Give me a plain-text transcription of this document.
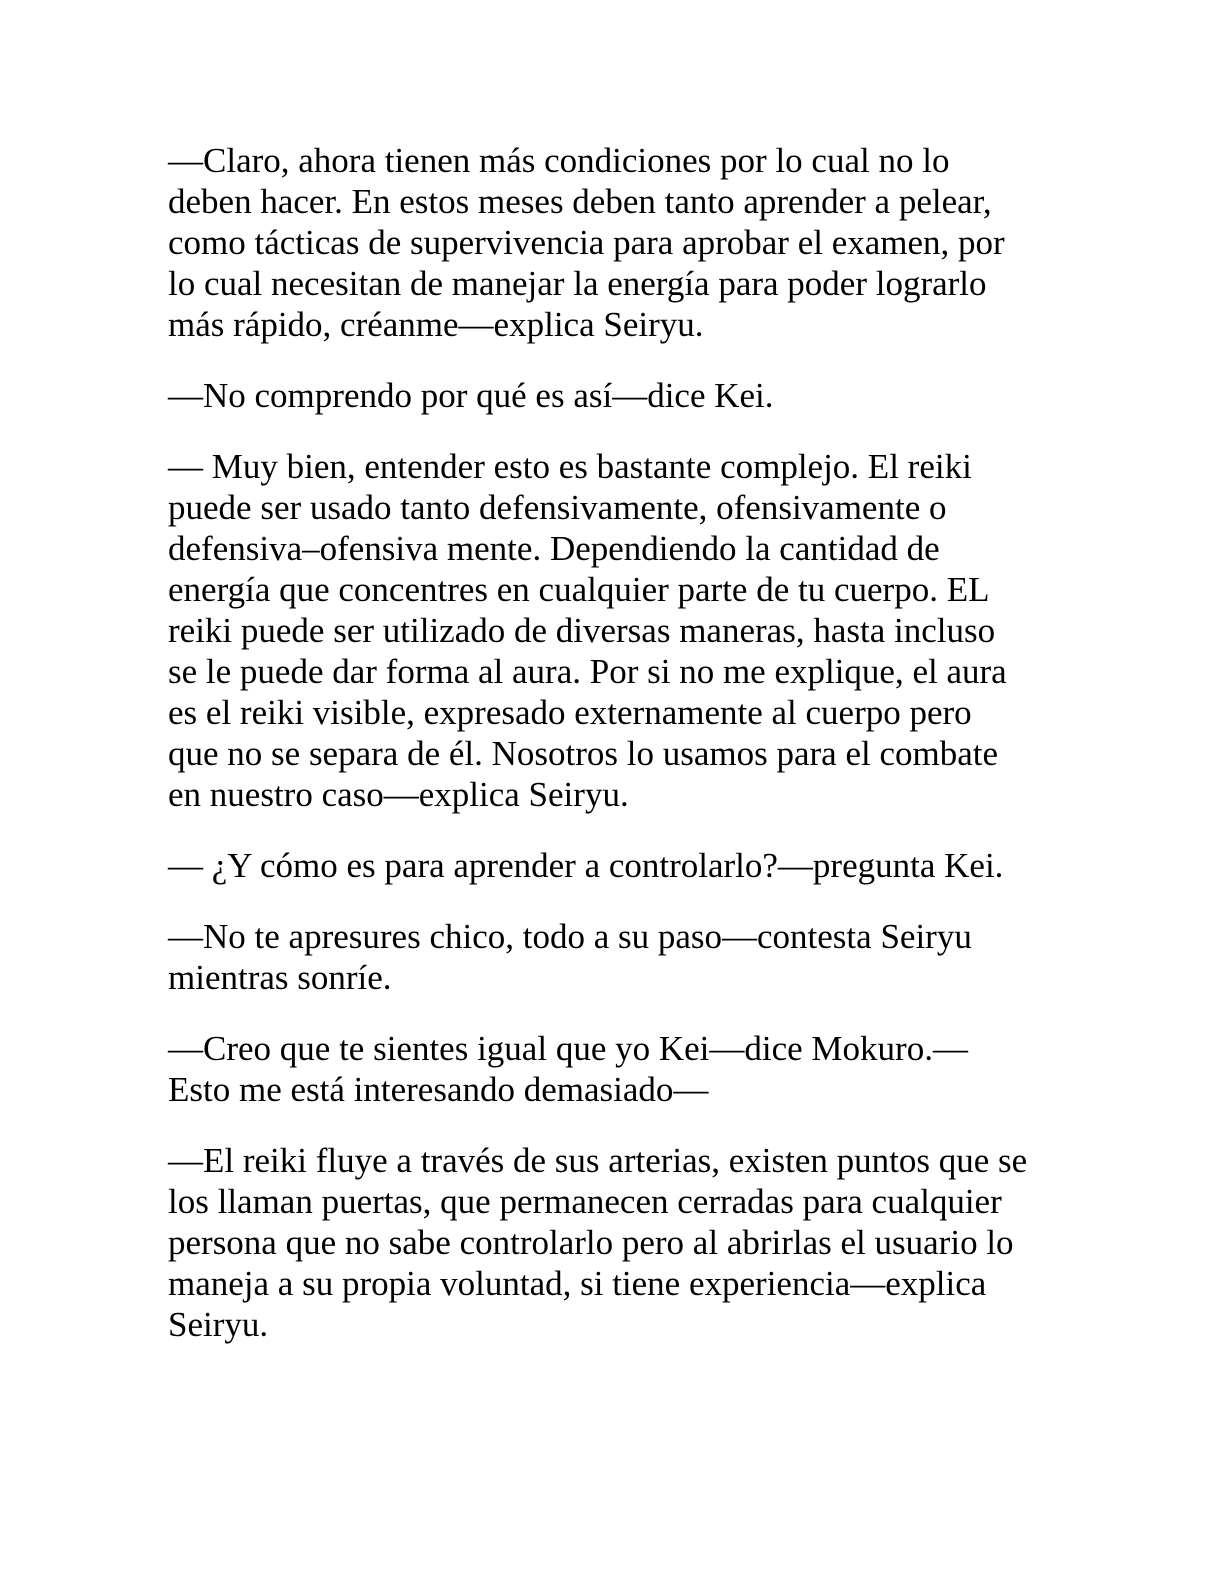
—Claro, ahora tienen más condiciones por lo cual no lo
deben hacer. En estos meses deben tanto aprender a pelear,
como tácticas de supervivencia para aprobar el examen, por
lo cual necesitan de manejar la energía para poder lograrlo
más rápido, créanme—explica Seiryu.

—No comprendo por qué es así—dice Kei.

— Muy bien, entender esto es bastante complejo. El reiki
puede ser usado tanto defensivamente, ofensivamente o
defensiva–ofensiva mente. Dependiendo la cantidad de
energía que concentres en cualquier parte de tu cuerpo. EL
reiki puede ser utilizado de diversas maneras, hasta incluso
se le puede dar forma al aura. Por si no me explique, el aura
es el reiki visible, expresado externamente al cuerpo pero
que no se separa de él. Nosotros lo usamos para el combate
en nuestro caso—explica Seiryu.

— ¿Y cómo es para aprender a controlarlo?—pregunta Kei.

—No te apresures chico, todo a su paso—contesta Seiryu
mientras sonríe.

—Creo que te sientes igual que yo Kei—dice Mokuro.—
Esto me está interesando demasiado—

—El reiki fluye a través de sus arterias, existen puntos que se
los llaman puertas, que permanecen cerradas para cualquier
persona que no sabe controlarlo pero al abrirlas el usuario lo
maneja a su propia voluntad, si tiene experiencia—explica
Seiryu.
